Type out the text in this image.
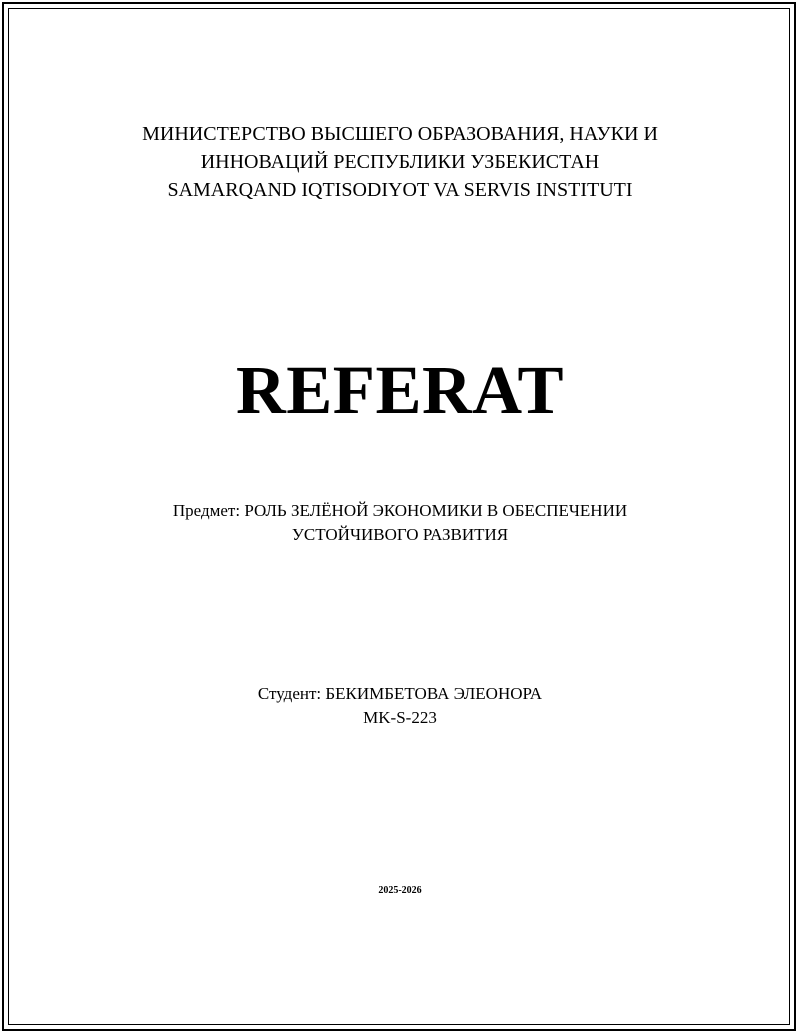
МИНИСТЕРСТВО ВЫСШЕГО ОБРАЗОВАНИЯ, НАУКИ И
ИННОВАЦИЙ РЕСПУБЛИКИ УЗБЕКИСТАН
SAMARQAND IQTISODIYOT VA SERVIS INSTITUTI
REFERAT
Предмет: РОЛЬ ЗЕЛЁНОЙ ЭКОНОМИКИ В ОБЕСПЕЧЕНИИ
УСТОЙЧИВОГО РАЗВИТИЯ
Студент: БЕКИМБЕТОВА ЭЛЕОНОРА
MK-S-223
2025-2026
